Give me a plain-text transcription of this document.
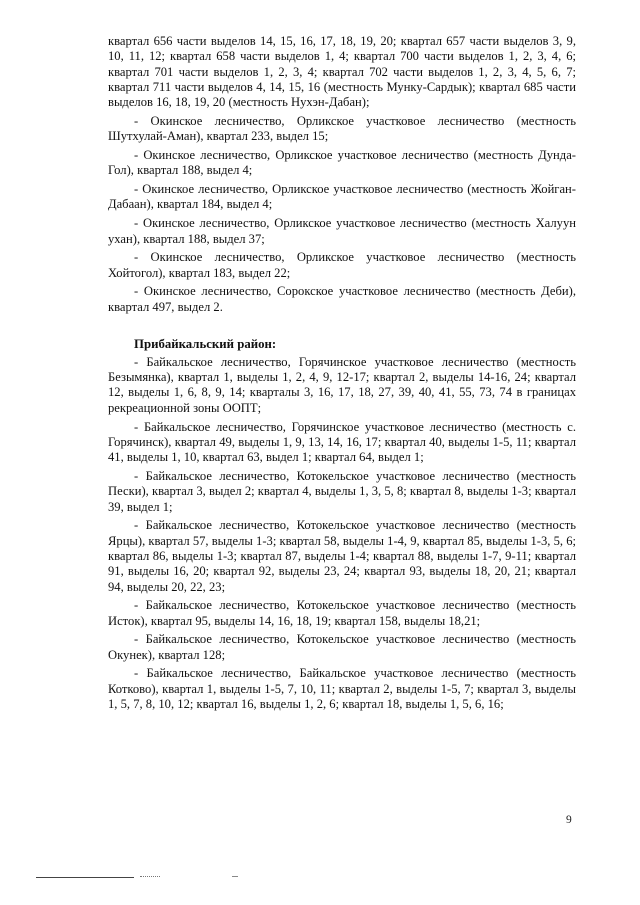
квартал 656 части выделов 14, 15, 16, 17, 18, 19, 20; квартал 657 части выделов 3, 9, 10, 11, 12; квартал 658 части выделов 1, 4; квартал 700 части выделов 1, 2, 3, 4, 6; квартал 701 части выделов 1, 2, 3, 4; квартал 702 части выделов 1, 2, 3, 4, 5, 6, 7; квартал 711 части выделов 4, 14, 15, 16 (местность Мунку-Сардык); квартал 685 части выделов 16, 18, 19, 20 (местность Нухэн-Дабан);

- Окинское лесничество, Орликское участковое лесничество (местность Шутхулай-Аман), квартал 233, выдел 15;

- Окинское лесничество, Орликское участковое лесничество (местность Дунда-Гол), квартал 188, выдел 4;

- Окинское лесничество, Орликское участковое лесничество (местность Жойган-Дабаан), квартал 184, выдел 4;

- Окинское лесничество, Орликское участковое лесничество (местность Халуун ухан), квартал 188, выдел 37;

- Окинское лесничество, Орликское участковое лесничество (местность Хойтогол), квартал 183, выдел 22;

- Окинское лесничество, Сорокское участковое лесничество (местность Деби), квартал 497, выдел 2.

Прибайкальский район:

- Байкальское лесничество, Горячинское участковое лесничество (местность Безымянка), квартал 1, выделы 1, 2, 4, 9, 12-17; квартал 2, выделы 14-16, 24; квартал 12, выделы 1, 6, 8, 9, 14; кварталы 3, 16, 17, 18, 27, 39, 40, 41, 55, 73, 74 в границах рекреационной зоны ООПТ;

- Байкальское лесничество, Горячинское участковое лесничество (местность с. Горячинск), квартал 49, выделы 1, 9, 13, 14, 16, 17; квартал 40, выделы 1-5, 11; квартал 41, выделы 1, 10, квартал 63, выдел 1; квартал 64, выдел 1;

- Байкальское лесничество, Котокельское участковое лесничество (местность Пески), квартал 3, выдел 2; квартал 4, выделы 1, 3, 5, 8; квартал 8, выделы 1-3; квартал 39, выдел 1;

- Байкальское лесничество, Котокельское участковое лесничество (местность Ярцы), квартал 57, выделы 1-3; квартал 58, выделы 1-4, 9, квартал 85, выделы 1-3, 5, 6; квартал 86, выделы 1-3; квартал 87, выделы 1-4; квартал 88, выделы 1-7, 9-11; квартал 91, выделы 16, 20; квартал 92, выделы 23, 24; квартал 93, выделы 18, 20, 21; квартал 94, выделы 20, 22, 23;

- Байкальское лесничество, Котокельское участковое лесничество (местность Исток), квартал 95, выделы 14, 16, 18, 19; квартал 158, выделы 18,21;

- Байкальское лесничество, Котокельское участковое лесничество (местность Окунек), квартал 128;

- Байкальское лесничество, Байкальское участковое лесничество (местность Котково), квартал 1, выделы 1-5, 7, 10, 11; квартал 2, выделы 1-5, 7; квартал 3, выделы 1, 5, 7, 8, 10, 12; квартал 16, выделы 1, 2, 6; квартал 18, выделы 1, 5, 6, 16;

9
